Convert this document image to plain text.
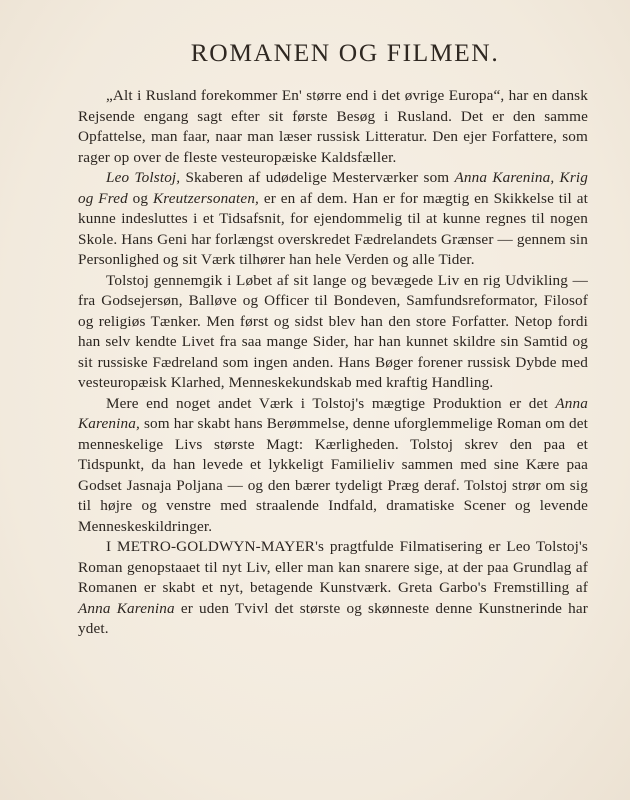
ROMANEN OG FILMEN.

„Alt i Rusland forekommer En' større end i det øvrige Europa“, har en dansk Rejsende engang sagt efter sit første Besøg i Rusland. Det er den samme Opfattelse, man faar, naar man læser russisk Litteratur. Den ejer Forfattere, som rager op over de fleste vesteuropæiske Kaldsfæller.

Leo Tolstoj, Skaberen af udødelige Mesterværker som Anna Karenina, Krig og Fred og Kreutzersonaten, er en af dem. Han er for mægtig en Skikkelse til at kunne indesluttes i et Tidsafsnit, for ejendommelig til at kunne regnes til nogen Skole. Hans Geni har forlængst overskredet Fædrelandets Grænser — gennem sin Personlighed og sit Værk tilhører han hele Verden og alle Tider.

Tolstoj gennemgik i Løbet af sit lange og bevægede Liv en rig Udvikling — fra Godsejersøn, Balløve og Officer til Bondeven, Samfundsreformator, Filosof og religiøs Tænker. Men først og sidst blev han den store Forfatter. Netop fordi han selv kendte Livet fra saa mange Sider, har han kunnet skildre sin Samtid og sit russiske Fædreland som ingen anden. Hans Bøger forener russisk Dybde med vesteuropæisk Klarhed, Menneskekundskab med kraftig Handling.

Mere end noget andet Værk i Tolstoj's mægtige Produktion er det Anna Karenina, som har skabt hans Berømmelse, denne uforglemmelige Roman om det menneskelige Livs største Magt: Kærligheden. Tolstoj skrev den paa et Tidspunkt, da han levede et lykkeligt Familieliv sammen med sine Kære paa Godset Jasnaja Poljana — og den bærer tydeligt Præg deraf. Tolstoj strør om sig til højre og venstre med straalende Indfald, dramatiske Scener og levende Menneskeskildringer.

I METRO-GOLDWYN-MAYER's pragtfulde Filmatisering er Leo Tolstoj's Roman genopstaaet til nyt Liv, eller man kan snarere sige, at der paa Grundlag af Romanen er skabt et nyt, betagende Kunstværk. Greta Garbo's Fremstilling af Anna Karenina er uden Tvivl det største og skønneste denne Kunstnerinde har ydet.
